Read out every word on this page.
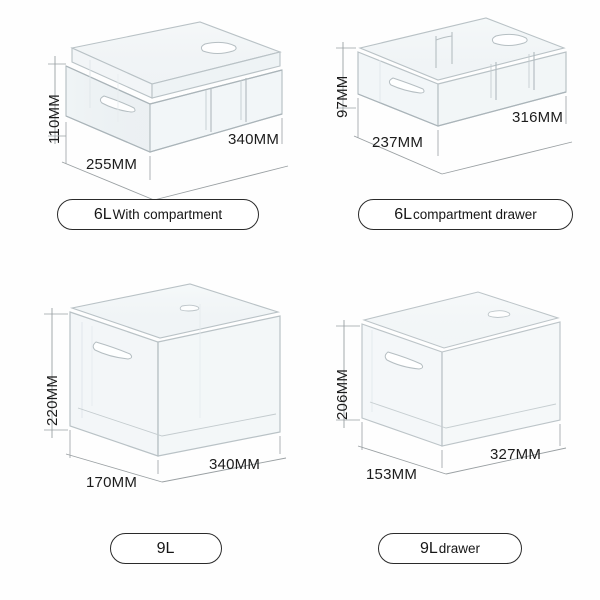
110MM
255MM
340MM
6L With compartment
97MM
237MM
316MM
6L compartment drawer
220MM
170MM
340MM
9L
206MM
153MM
327MM
9L drawer
